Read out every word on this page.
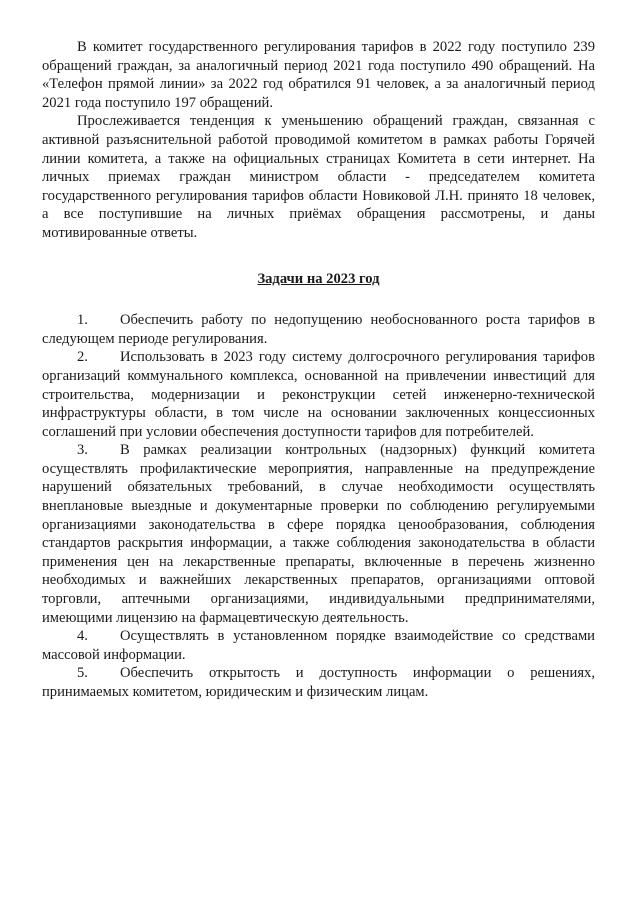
В комитет государственного регулирования тарифов в 2022 году поступило 239 обращений граждан, за аналогичный период 2021 года поступило 490 обращений. На «Телефон прямой линии» за 2022 год обратился 91 человек, а за аналогичный период 2021 года поступило 197 обращений.

Прослеживается тенденция к уменьшению обращений граждан, связанная с активной разъяснительной работой проводимой комитетом в рамках работы Горячей линии комитета, а также на официальных страницах Комитета в сети интернет. На личных приемах граждан министром области - председателем комитета государственного регулирования тарифов области Новиковой Л.Н. принято 18 человек, а все поступившие на личных приёмах обращения рассмотрены, и даны мотивированные ответы.

Задачи на 2023 год

1. Обеспечить работу по недопущению необоснованного роста тарифов в следующем периоде регулирования.

2. Использовать в 2023 году систему долгосрочного регулирования тарифов организаций коммунального комплекса, основанной на привлечении инвестиций для строительства, модернизации и реконструкции сетей инженерно-технической инфраструктуры области, в том числе на основании заключенных концессионных соглашений при условии обеспечения доступности тарифов для потребителей.

3. В рамках реализации контрольных (надзорных) функций комитета осуществлять профилактические мероприятия, направленные на предупреждение нарушений обязательных требований, в случае необходимости осуществлять внеплановые выездные и документарные проверки по соблюдению регулируемыми организациями законодательства в сфере порядка ценообразования, соблюдения стандартов раскрытия информации, а также соблюдения законодательства в области применения цен на лекарственные препараты, включенные в перечень жизненно необходимых и важнейших лекарственных препаратов, организациями оптовой торговли, аптечными организациями, индивидуальными предпринимателями, имеющими лицензию на фармацевтическую деятельность.

4. Осуществлять в установленном порядке взаимодействие со средствами массовой информации.

5. Обеспечить открытость и доступность информации о решениях, принимаемых комитетом, юридическим и физическим лицам.
